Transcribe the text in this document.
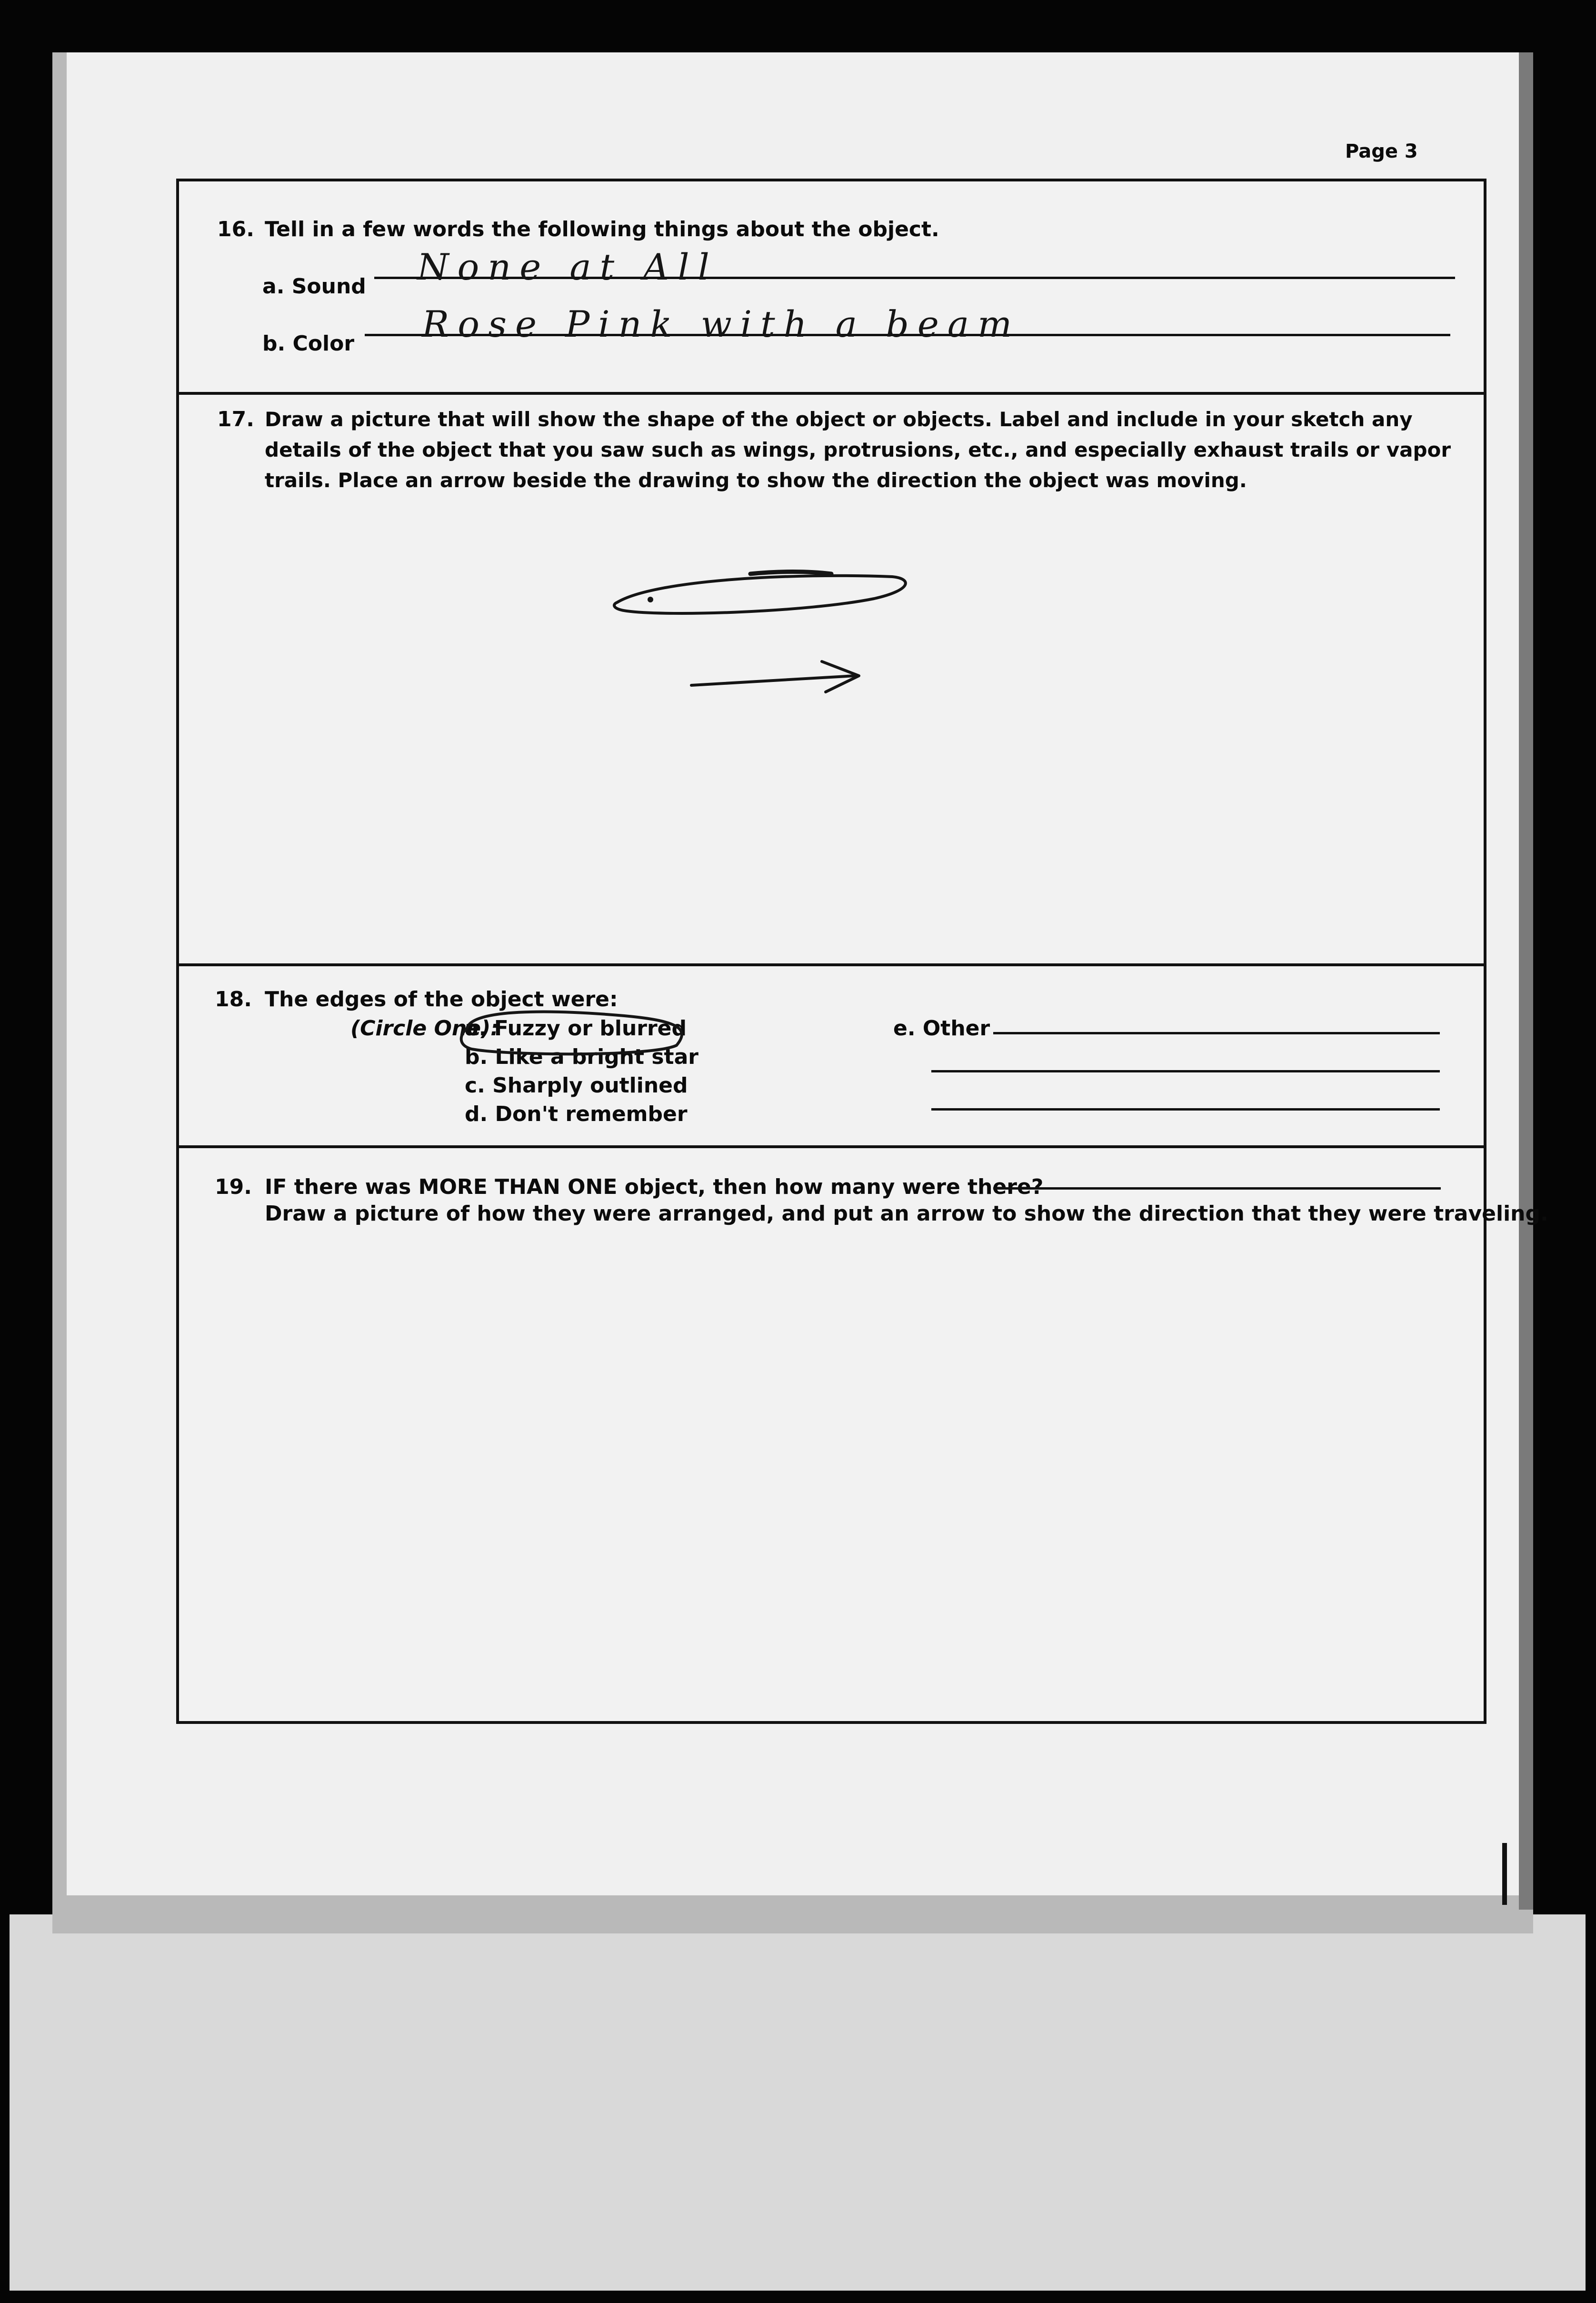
Page 3
16. Tell in a few words the following things about the object.
a. Sound None at All
b. Color Rose Pink with a beam
17. Draw a picture that will show the shape of the object or objects. Label and include in your sketch any details of the object that you saw such as wings, protrusions, etc., and especially exhaust trails or vapor trails. Place an arrow beside the drawing to show the direction the object was moving.
18. The edges of the object were:
(Circle One):
a. Fuzzy or blurred
b. Like a bright star
c. Sharply outlined
d. Don't remember
e. Other
19. IF there was MORE THAN ONE object, then how many were there?
Draw a picture of how they were arranged, and put an arrow to show the direction that they were traveling.
